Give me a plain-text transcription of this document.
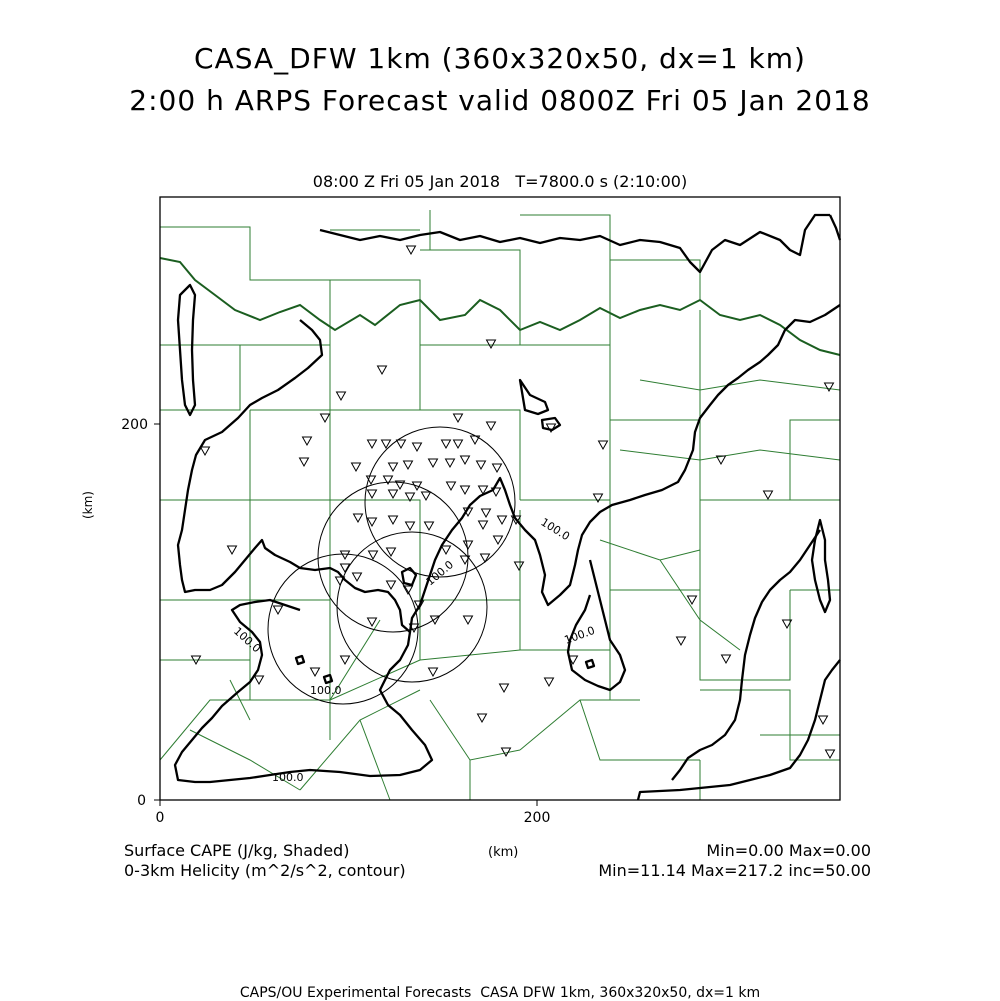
100.0
100.0
100.0
100.0
100.0
100.0
0	200
0
200
(km)
CASA_DFW 1km (360x320x50, dx=1 km)
2:00 h ARPS Forecast valid 0800Z Fri 05 Jan 2018
08:00 Z Fri 05 Jan 2018   T=7800.0 s (2:10:00)
Surface CAPE (J/kg, Shaded)	(km)	Min=0.00 Max=0.00
0-3km Helicity (m^2/s^2, contour)	Min=11.14 Max=217.2 inc=50.00
CAPS/OU Experimental Forecasts  CASA DFW 1km, 360x320x50, dx=1 km
